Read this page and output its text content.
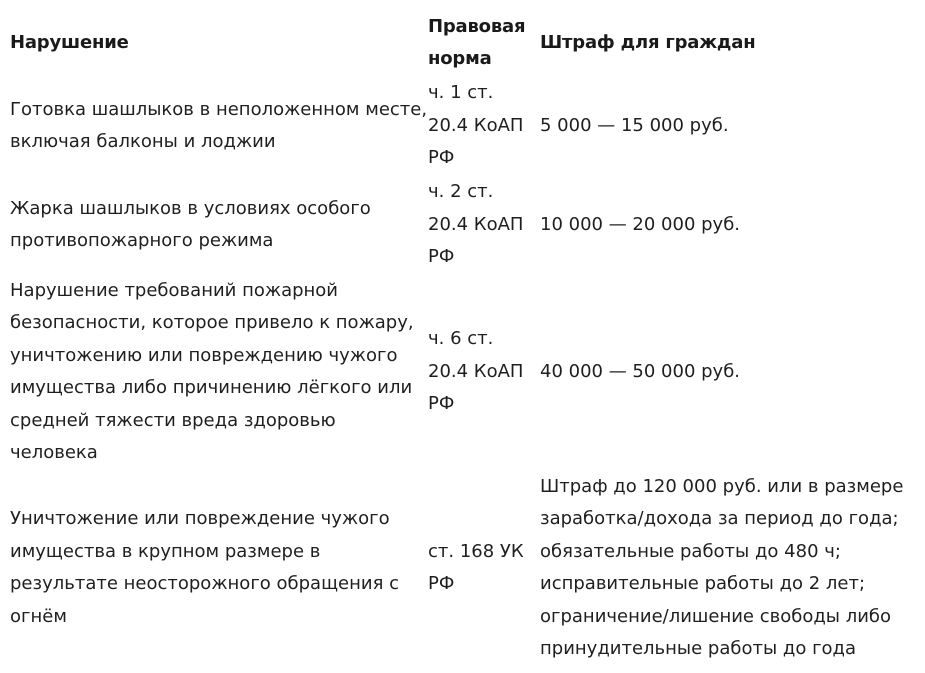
Нарушение	Правовая норма	Штраф для граждан
Готовка шашлыков в неположенном месте, включая балконы и лоджии	ч. 1 ст. 20.4 КоАП РФ	5 000 — 15 000 руб.
Жарка шашлыков в условиях особого противопожарного режима	ч. 2 ст. 20.4 КоАП РФ	10 000 — 20 000 руб.
Нарушение требований пожарной безопасности, которое привело к пожару, уничтожению или повреждению чужого имущества либо причинению лёгкого или средней тяжести вреда здоровью человека	ч. 6 ст. 20.4 КоАП РФ	40 000 — 50 000 руб.
Уничтожение или повреждение чужого имущества в крупном размере в результате неосторожного обращения с огнём	ст. 168 УК РФ	Штраф до 120 000 руб. или в размере заработка/дохода за период до года; обязательные работы до 480 ч; исправительные работы до 2 лет; ограничение/лишение свободы либо принудительные работы до года
